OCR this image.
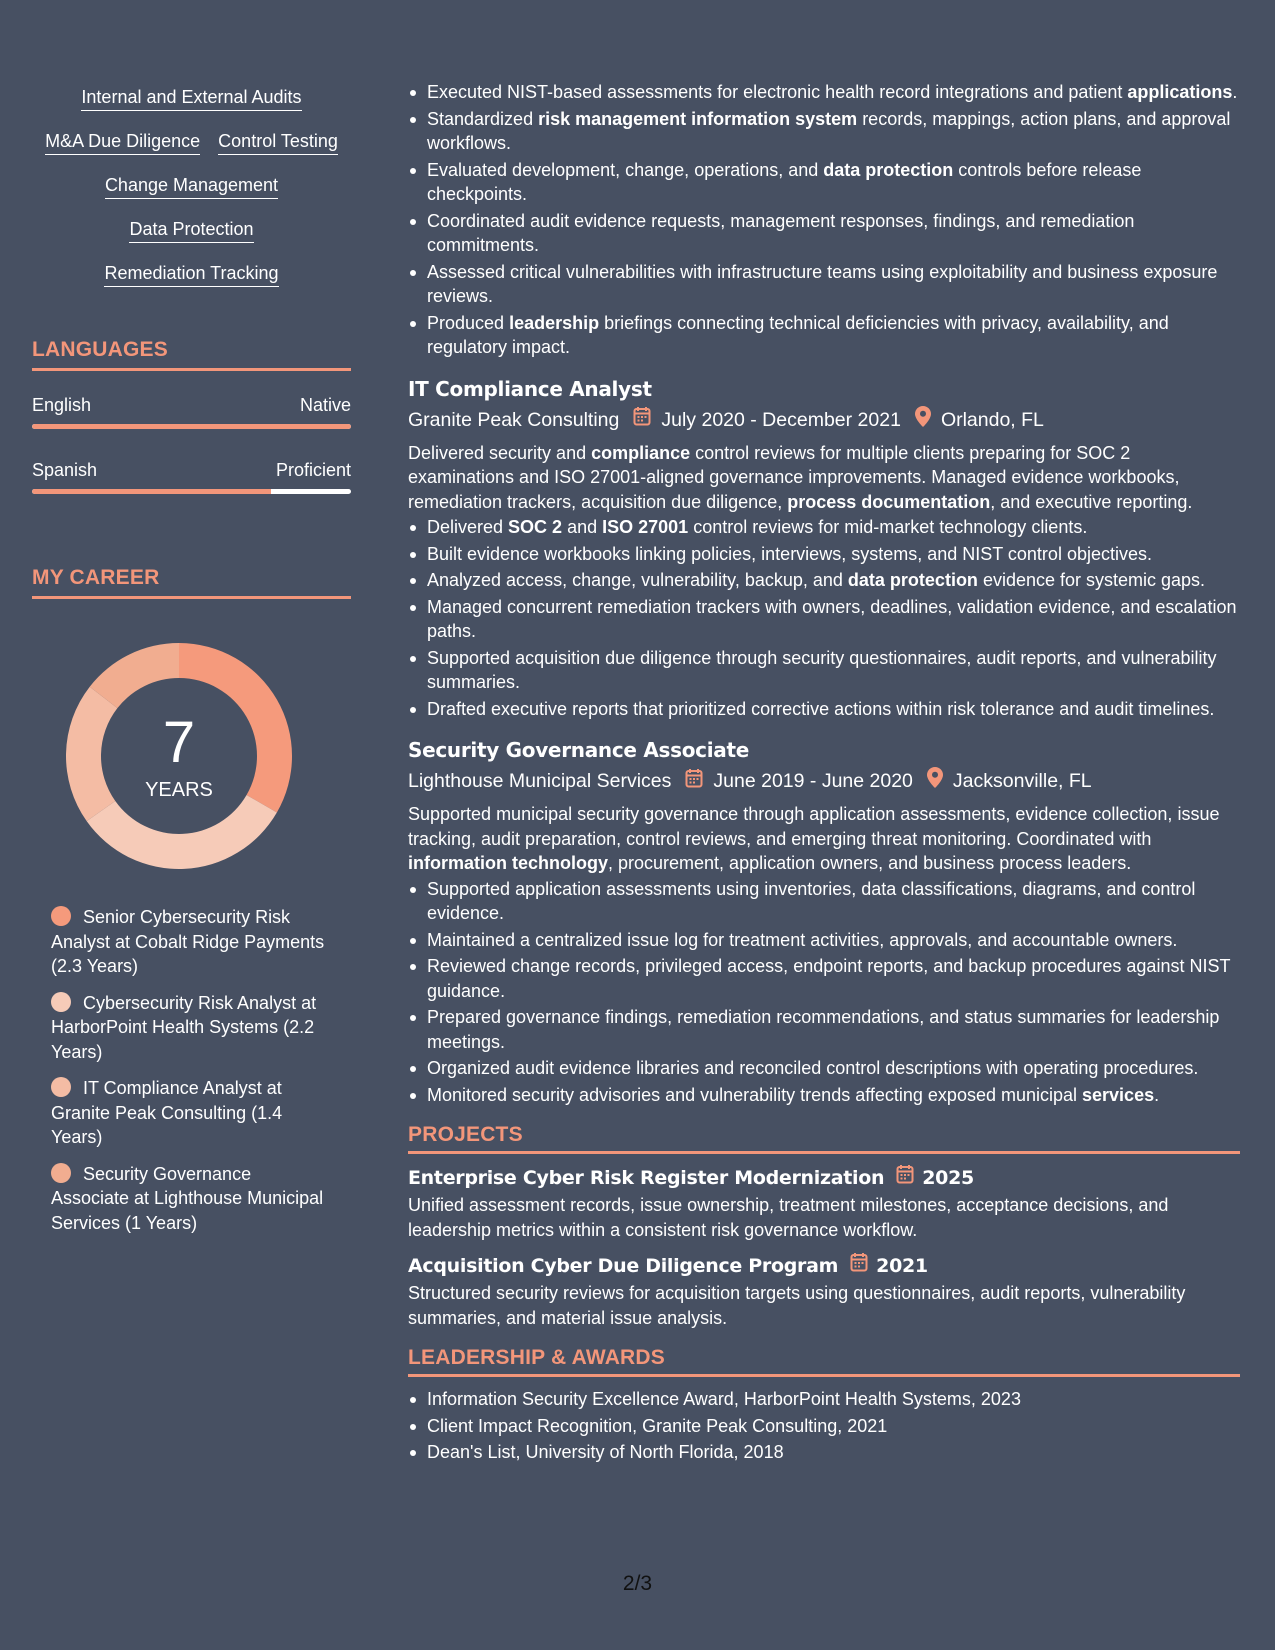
Internal and External Audits
M&A Due Diligence Control Testing
Change Management
Data Protection
Remediation Tracking
LANGUAGES
English	Native
Spanish	Proficient
MY CAREER
7
YEARS
Senior Cybersecurity Risk Analyst at Cobalt Ridge Payments (2.3 Years)
Cybersecurity Risk Analyst at HarborPoint Health Systems (2.2 Years)
IT Compliance Analyst at Granite Peak Consulting (1.4 Years)
Security Governance Associate at Lighthouse Municipal Services (1 Years)
Executed NIST-based assessments for electronic health record integrations and patient applications.
Standardized risk management information system records, mappings, action plans, and approval workflows.
Evaluated development, change, operations, and data protection controls before release checkpoints.
Coordinated audit evidence requests, management responses, findings, and remediation commitments.
Assessed critical vulnerabilities with infrastructure teams using exploitability and business exposure reviews.
Produced leadership briefings connecting technical deficiencies with privacy, availability, and regulatory impact.
IT Compliance Analyst
Granite Peak Consulting July 2020 - December 2021 Orlando, FL
Delivered security and compliance control reviews for multiple clients preparing for SOC 2 examinations and ISO 27001-aligned governance improvements. Managed evidence workbooks, remediation trackers, acquisition due diligence, process documentation, and executive reporting.
Delivered SOC 2 and ISO 27001 control reviews for mid-market technology clients.
Built evidence workbooks linking policies, interviews, systems, and NIST control objectives.
Analyzed access, change, vulnerability, backup, and data protection evidence for systemic gaps.
Managed concurrent remediation trackers with owners, deadlines, validation evidence, and escalation paths.
Supported acquisition due diligence through security questionnaires, audit reports, and vulnerability summaries.
Drafted executive reports that prioritized corrective actions within risk tolerance and audit timelines.
Security Governance Associate
Lighthouse Municipal Services June 2019 - June 2020 Jacksonville, FL
Supported municipal security governance through application assessments, evidence collection, issue tracking, audit preparation, control reviews, and emerging threat monitoring. Coordinated with information technology, procurement, application owners, and business process leaders.
Supported application assessments using inventories, data classifications, diagrams, and control evidence.
Maintained a centralized issue log for treatment activities, approvals, and accountable owners.
Reviewed change records, privileged access, endpoint reports, and backup procedures against NIST guidance.
Prepared governance findings, remediation recommendations, and status summaries for leadership meetings.
Organized audit evidence libraries and reconciled control descriptions with operating procedures.
Monitored security advisories and vulnerability trends affecting exposed municipal services.
PROJECTS
Enterprise Cyber Risk Register Modernization 2025
Unified assessment records, issue ownership, treatment milestones, acceptance decisions, and leadership metrics within a consistent risk governance workflow.
Acquisition Cyber Due Diligence Program 2021
Structured security reviews for acquisition targets using questionnaires, audit reports, vulnerability summaries, and material issue analysis.
LEADERSHIP & AWARDS
Information Security Excellence Award, HarborPoint Health Systems, 2023
Client Impact Recognition, Granite Peak Consulting, 2021
Dean's List, University of North Florida, 2018
2/3
